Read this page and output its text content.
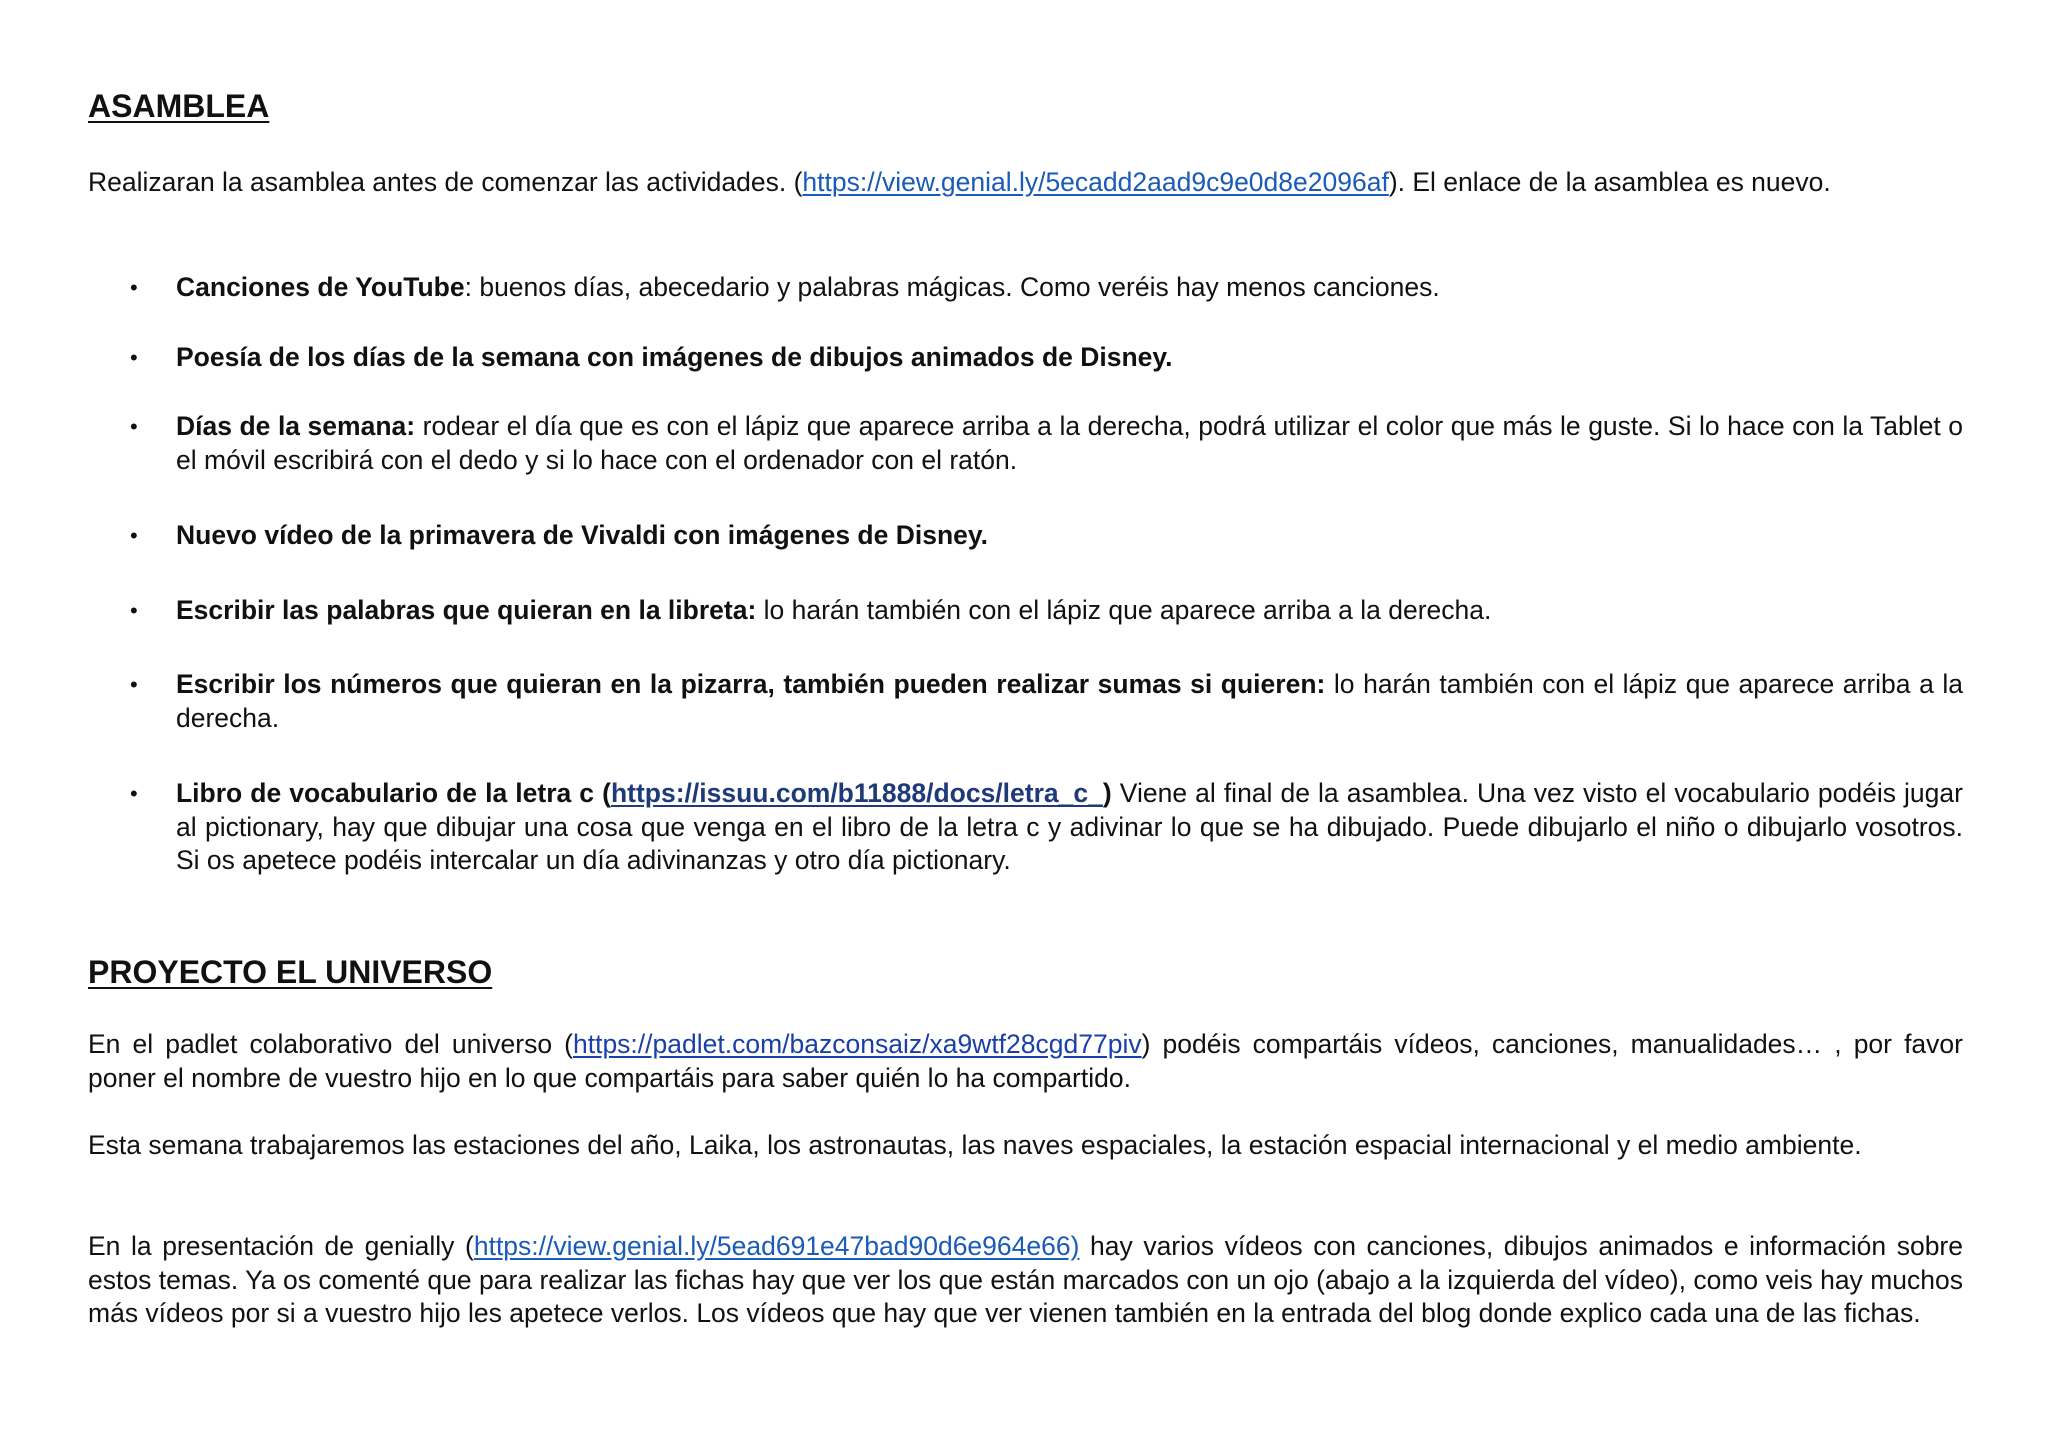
ASAMBLEA

Realizaran la asamblea antes de comenzar las actividades. (https://view.genial.ly/5ecadd2aad9c9e0d8e2096af). El enlace de la asamblea es nuevo.

• Canciones de YouTube: buenos días, abecedario y palabras mágicas. Como veréis hay menos canciones.
• Poesía de los días de la semana con imágenes de dibujos animados de Disney.
• Días de la semana: rodear el día que es con el lápiz que aparece arriba a la derecha, podrá utilizar el color que más le guste. Si lo hace con la Tablet o el móvil escribirá con el dedo y si lo hace con el ordenador con el ratón.
• Nuevo vídeo de la primavera de Vivaldi con imágenes de Disney.
• Escribir las palabras que quieran en la libreta: lo harán también con el lápiz que aparece arriba a la derecha.
• Escribir los números que quieran en la pizarra, también pueden realizar sumas si quieren: lo harán también con el lápiz que aparece arriba a la derecha.
• Libro de vocabulario de la letra c (https://issuu.com/b11888/docs/letra_c_) Viene al final de la asamblea. Una vez visto el vocabulario podéis jugar al pictionary, hay que dibujar una cosa que venga en el libro de la letra c y adivinar lo que se ha dibujado. Puede dibujarlo el niño o dibujarlo vosotros. Si os apetece podéis intercalar un día adivinanzas y otro día pictionary.
PROYECTO EL UNIVERSO

En el padlet colaborativo del universo (https://padlet.com/bazconsaiz/xa9wtf28cgd77piv) podéis compartáis vídeos, canciones, manualidades… , por favor poner el nombre de vuestro hijo en lo que compartáis para saber quién lo ha compartido.

Esta semana trabajaremos las estaciones del año, Laika, los astronautas, las naves espaciales, la estación espacial internacional y el medio ambiente.

En la presentación de genially (https://view.genial.ly/5ead691e47bad90d6e964e66) hay varios vídeos con canciones, dibujos animados e información sobre estos temas. Ya os comenté que para realizar las fichas hay que ver los que están marcados con un ojo (abajo a la izquierda del vídeo), como veis hay muchos más vídeos por si a vuestro hijo les apetece verlos. Los vídeos que hay que ver vienen también en la entrada del blog donde explico cada una de las fichas.
